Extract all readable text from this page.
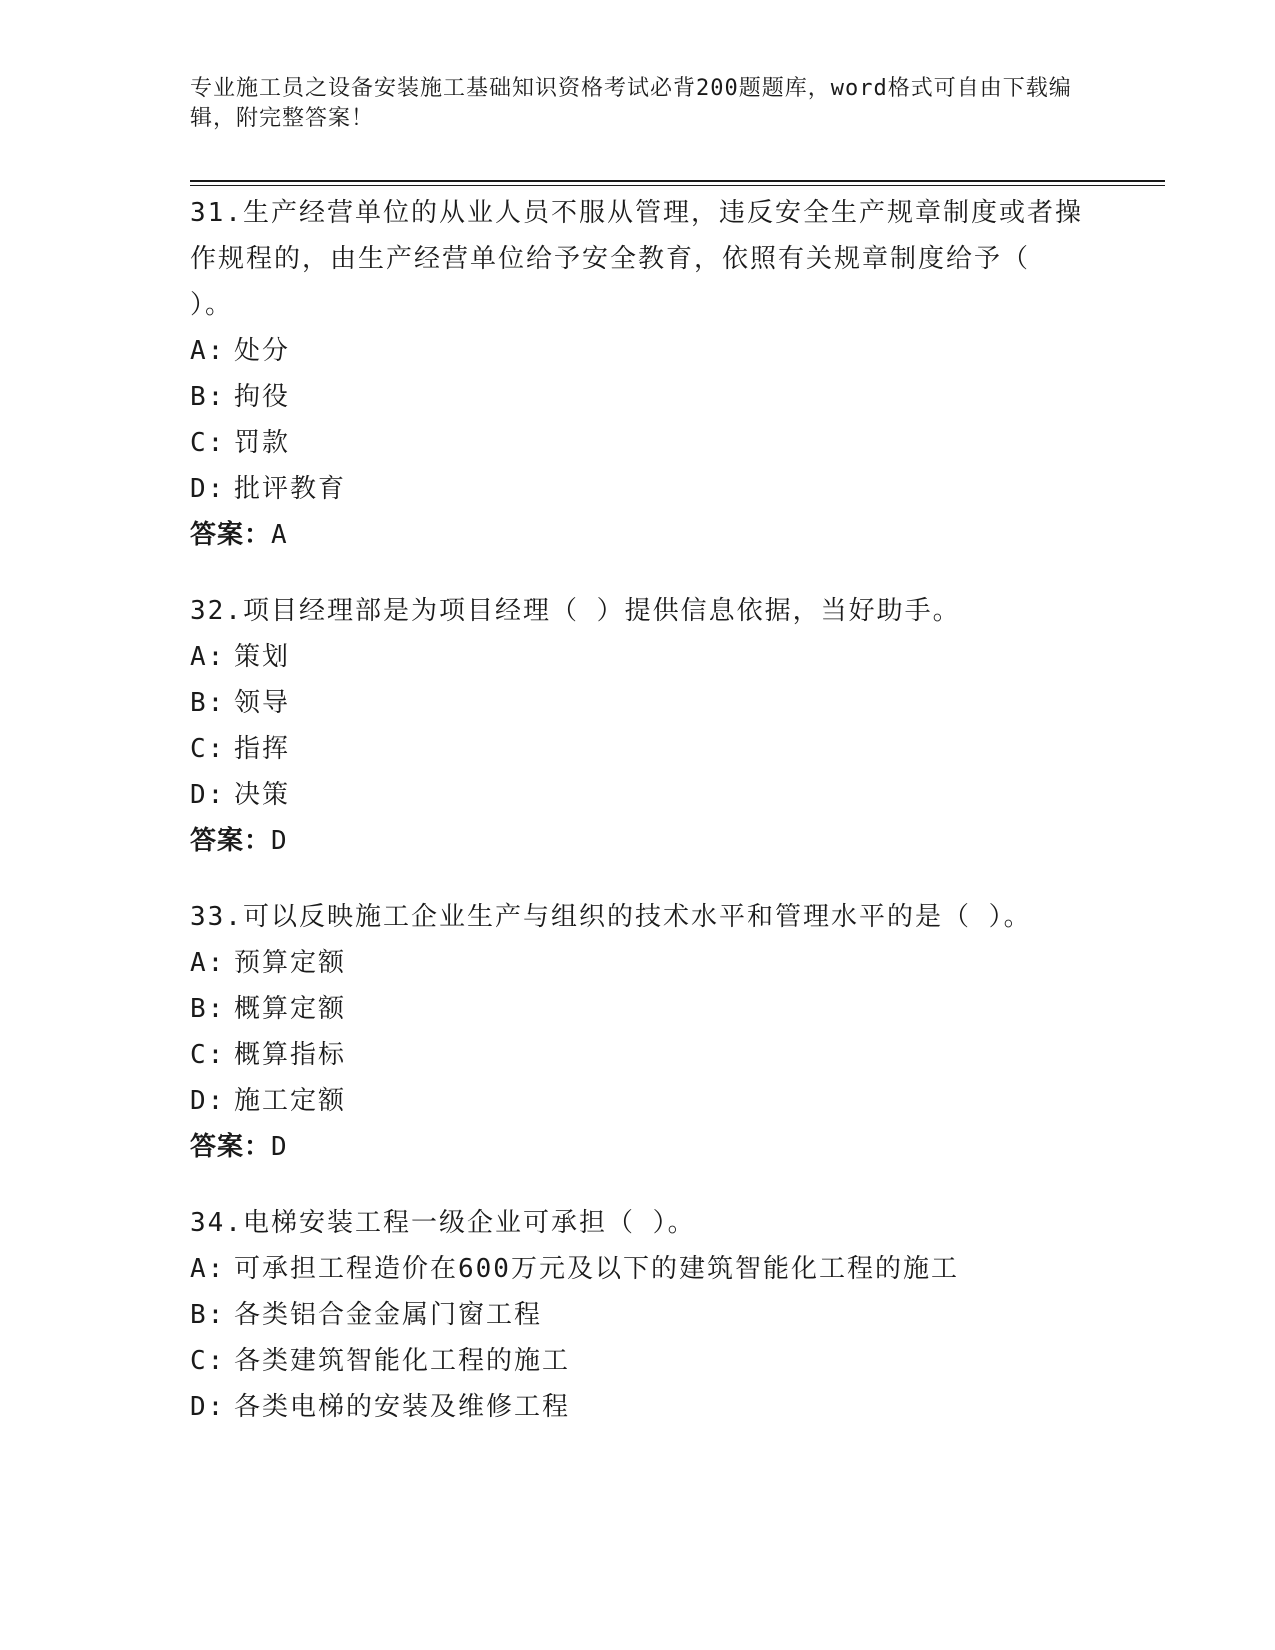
专业施工员之设备安装施工基础知识资格考试必背200题题库，word格式可自由下载编辑，附完整答案！
31.生产经营单位的从业人员不服从管理，违反安全生产规章制度或者操作规程的，由生产经营单位给予安全教育，依照有关规章制度给予（ ）。
A: 处分
B: 拘役
C: 罚款
D: 批评教育
答案：A
32.项目经理部是为项目经理（ ）提供信息依据，当好助手。
A: 策划
B: 领导
C: 指挥
D: 决策
答案：D
33.可以反映施工企业生产与组织的技术水平和管理水平的是（ ）。
A: 预算定额
B: 概算定额
C: 概算指标
D: 施工定额
答案：D
34.电梯安装工程一级企业可承担（ ）。
A: 可承担工程造价在600万元及以下的建筑智能化工程的施工
B: 各类铝合金金属门窗工程
C: 各类建筑智能化工程的施工
D: 各类电梯的安装及维修工程
